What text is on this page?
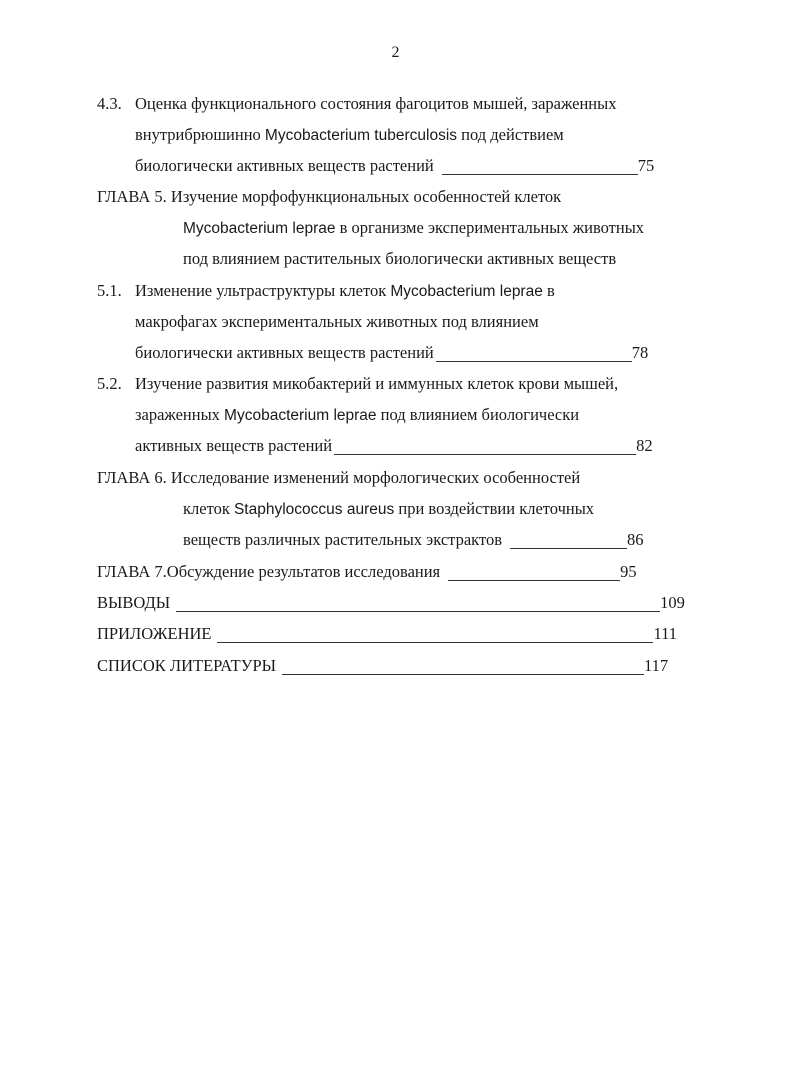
2
4.3. Оценка функционального состояния фагоцитов мышей, зараженных
внутрибрюшинно Mycobacterium tuberculosis под действием
биологически активных веществ растений	75
ГЛАВА 5. Изучение морфофункциональных особенностей клеток
Mycobacterium leprae в организме экспериментальных животных
под влиянием растительных биологически активных веществ
5.1. Изменение ультраструктуры клеток Mycobacterium leprae в
макрофагах экспериментальных животных под влиянием
биологически активных веществ растений	78
5.2. Изучение развития микобактерий и иммунных клеток крови мышей,
зараженных Mycobacterium leprae под влиянием биологически
активных веществ растений	82
ГЛАВА 6. Исследование изменений морфологических особенностей
клеток Staphylococcus aureus при воздействии клеточных
веществ различных растительных экстрактов	86
ГЛАВА 7.Обсуждение результатов исследования	95
ВЫВОДЫ	109
ПРИЛОЖЕНИЕ	111
СПИСОК ЛИТЕРАТУРЫ	117
